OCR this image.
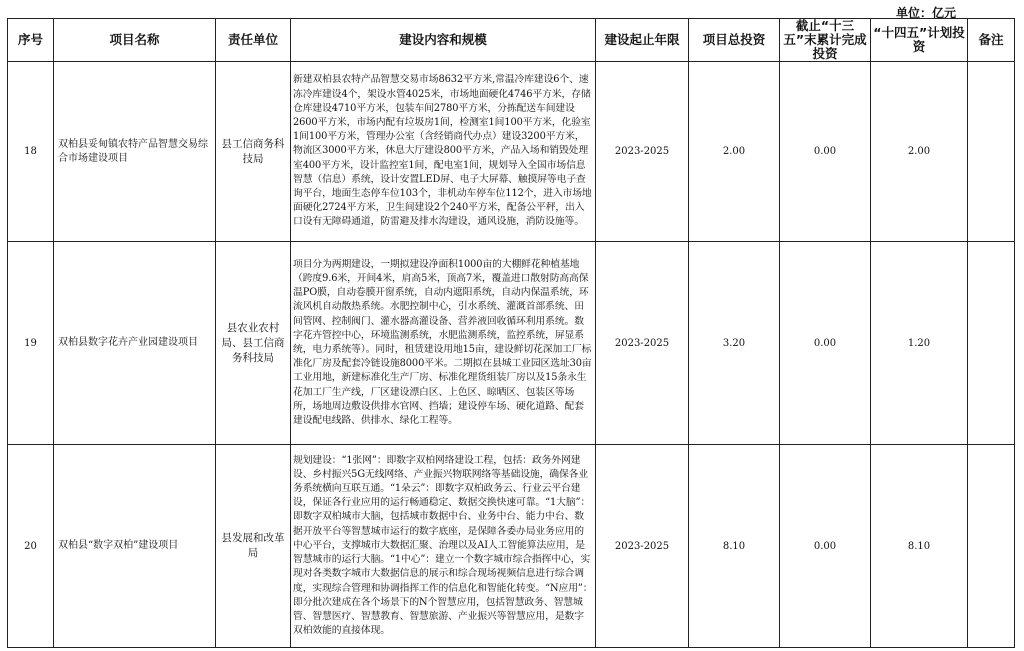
单位：亿元
序号	项目名称	责任单位	建设内容和规模	建设起止年限	项目总投资	截止“十三五”末累计完成投资	“十四五”计划投资	备注
18	双柏县妥甸镇农特产品智慧交易综合市场建设项目	县工信商务科技局	新建双柏县农特产品智慧交易市场8632平方米,常温冷库建设6个、速冻冷库建设4个，架设水管4025米，市场地面硬化4746平方米，存储仓库建设4710平方米，包装车间2780平方米，分拣配送车间建设2600平方米，市场内配有垃圾房1间，检测室1间100平方米，化验室1间100平方米，管理办公室（含经销商代办点）建设3200平方米，物流区3000平方米，休息大厅建设800平方米，产品入场和销毁处理室400平方米，设计监控室1间，配电室1间，规划导入全国市场信息智慧（信息）系统，设计安置LED屏、电子大屏幕、触摸屏等电子查询平台，地面生态停车位103个，非机动车停车位112个，进入市场地面硬化2724平方米，卫生间建设2个240平方米，配备公平秤，出入口设有无障碍通道，防雷避及排水沟建设，通风设施，消防设施等。	2023-2025	2.00	0.00	2.00	
19	双柏县数字花卉产业园建设项目	县农业农村局、县工信商务科技局	项目分为两期建设，一期拟建设净面积1000亩的大棚鲜花种植基地（跨度9.6米，开间4米，肩高5米，顶高7米，覆盖进口散射防高高保温PO膜，自动卷膜开窗系统，自动内遮阳系统，自动内保温系统，环流风机自动散热系统。水肥控制中心，引水系统、灌溉首部系统、田间管网、控制阀门、灌水器高灌设备、营养液回收循环利用系统。数字花卉管控中心，环境监测系统，水肥监测系统，监控系统，屏显系统，电力系统等）。同时，租赁建设用地15亩，建设鲜切花深加工厂标准化厂房及配套冷链设施8000平米。二期拟在县城工业园区选址30亩工业用地，新建标准化生产厂房、标准化理货组装厂房以及15条永生花加工厂生产线，厂区建设漂白区、上色区、晾晒区、包装区等场所，场地周边敷设供排水官网、挡墙；建设停车场、硬化道路、配套建设配电线路、供排水、绿化工程等。	2023-2025	3.20	0.00	1.20	
20	双柏县“数字双柏”建设项目	县发展和改革局	规划建设：“1张网”：即数字双柏网络建设工程，包括：政务外网建设、乡村振兴5G无线网络、产业振兴物联网络等基础设施，确保各业务系统横向互联互通。“1朵云”：即数字双柏政务云、行业云平台建设，保证各行业应用的运行畅通稳定、数据交换快速可靠。“1大脑”：即数字双柏城市大脑，包括城市数据中台、业务中台、能力中台、数据开放平台等智慧城市运行的数字底座，是保障各委办局业务应用的中心平台，支撑城市大数据汇聚、治理以及AI人工智能算法应用，是智慧城市的运行大脑。“1中心”：建立一个数字城市综合指挥中心，实现对各类数字城市大数据信息的展示和综合现场视频信息进行综合调度，实现综合管理和协调指挥工作的信息化和智能化转变。“N应用”：即分批次建成在各个场景下的N个智慧应用，包括智慧政务、智慧城管、智慧医疗、智慧教育、智慧旅游、产业振兴等智慧应用，是数字双柏效能的直接体现。	2023-2025	8.10	0.00	8.10	
